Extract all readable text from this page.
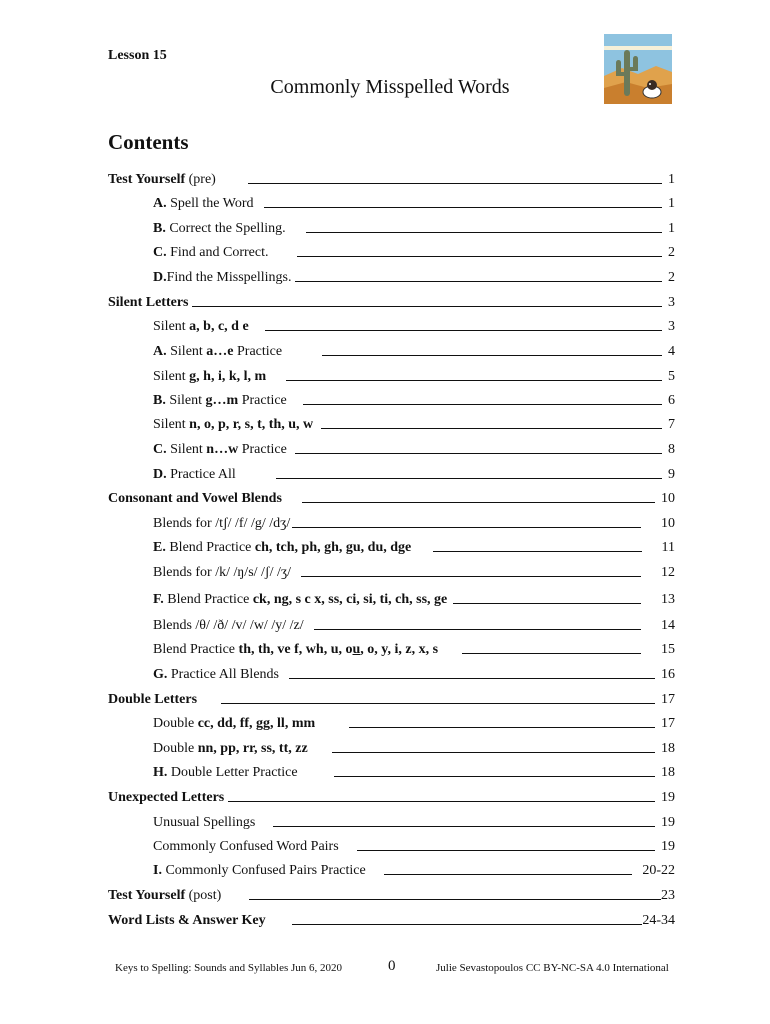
Lesson 15
Commonly Misspelled Words
Contents
Test Yourself (pre)	1
A. Spell the Word	1
B. Correct the Spelling.	1
C. Find and Correct.	2
D.Find the Misspellings.	2
Silent Letters	3
Silent a, b, c, d e	3
A. Silent a…e Practice	4
Silent g, h, i, k, l, m	5
B. Silent g…m Practice	6
Silent n, o, p, r, s, t, th, u, w	7
C. Silent n…w Practice	8
D. Practice All	9
Consonant and Vowel Blends	10
Blends for /tʃ/ /f/ /g/ /dʒ/	10
E. Blend Practice ch, tch, ph, gh, gu, du, dge	11
Blends for /k/ /ŋ/s/ /ʃ/ /ʒ/	12
F. Blend Practice ck, ng, s c x, ss, ci, si, ti, ch, ss, ge	13
Blends /θ/ /ð/ /v/ /w/ /y/ /z/	14
Blend Practice th, th, ve f, wh, u, ou, o, y, i, z, x, s	15
G. Practice All Blends	16
Double Letters	17
Double cc, dd, ff, gg, ll, mm	17
Double nn, pp, rr, ss, tt, zz	18
H. Double Letter Practice	18
Unexpected Letters	19
Unusual Spellings	19
Commonly Confused Word Pairs	19
I. Commonly Confused Pairs Practice	20-22
Test Yourself (post)	23
Word Lists & Answer Key	24-34
Keys to Spelling: Sounds and Syllables Jun 6, 2020	0	Julie Sevastopoulos CC BY-NC-SA 4.0 International
